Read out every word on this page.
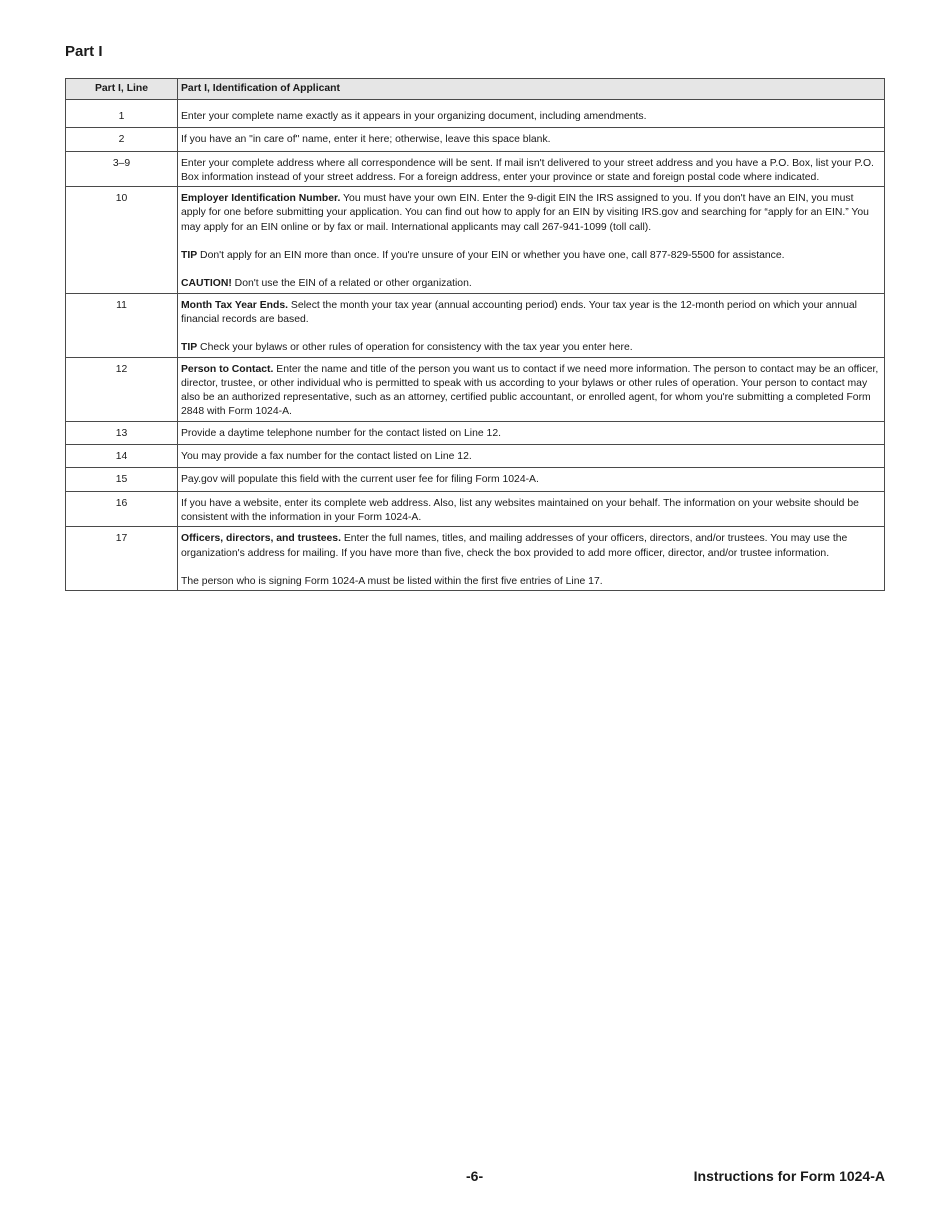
Part I
Part I, Line	Part I, Identification of Applicant
1	Enter your complete name exactly as it appears in your organizing document, including amendments.

2	If you have an "in care of" name, enter it here; otherwise, leave this space blank.

3–9	Enter your complete address where all correspondence will be sent. If mail isn't delivered to your street address and you have a P.O. Box, list your P.O. Box information instead of your street address. For a foreign address, enter your province or state and foreign postal code where indicated.

10	Employer Identification Number. You must have your own EIN. Enter the 9-digit EIN the IRS assigned to you. If you don't have an EIN, you must apply for one before submitting your application. You can find out how to apply for an EIN by visiting IRS.gov and searching for “apply for an EIN.” You may apply for an EIN online or by fax or mail. International applicants may call 267-941-1099 (toll call).

TIP Don't apply for an EIN more than once. If you're unsure of your EIN or whether you have one, call 877-829-5500 for assistance.

CAUTION! Don't use the EIN of a related or other organization.

11	Month Tax Year Ends. Select the month your tax year (annual accounting period) ends. Your tax year is the 12-month period on which your annual financial records are based.

TIP Check your bylaws or other rules of operation for consistency with the tax year you enter here.

12	Person to Contact. Enter the name and title of the person you want us to contact if we need more information. The person to contact may be an officer, director, trustee, or other individual who is permitted to speak with us according to your bylaws or other rules of operation. Your person to contact may also be an authorized representative, such as an attorney, certified public accountant, or enrolled agent, for whom you're submitting a completed Form 2848 with Form 1024-A.

13	Provide a daytime telephone number for the contact listed on Line 12.

14	You may provide a fax number for the contact listed on Line 12.

15	Pay.gov will populate this field with the current user fee for filing Form 1024-A.

16	If you have a website, enter its complete web address. Also, list any websites maintained on your behalf. The information on your website should be consistent with the information in your Form 1024-A.

17	Officers, directors, and trustees. Enter the full names, titles, and mailing addresses of your officers, directors, and/or trustees. You may use the organization's address for mailing. If you have more than five, check the box provided to add more officer, director, and/or trustee information.

The person who is signing Form 1024-A must be listed within the first five entries of Line 17.

-6-	Instructions for Form 1024-A
